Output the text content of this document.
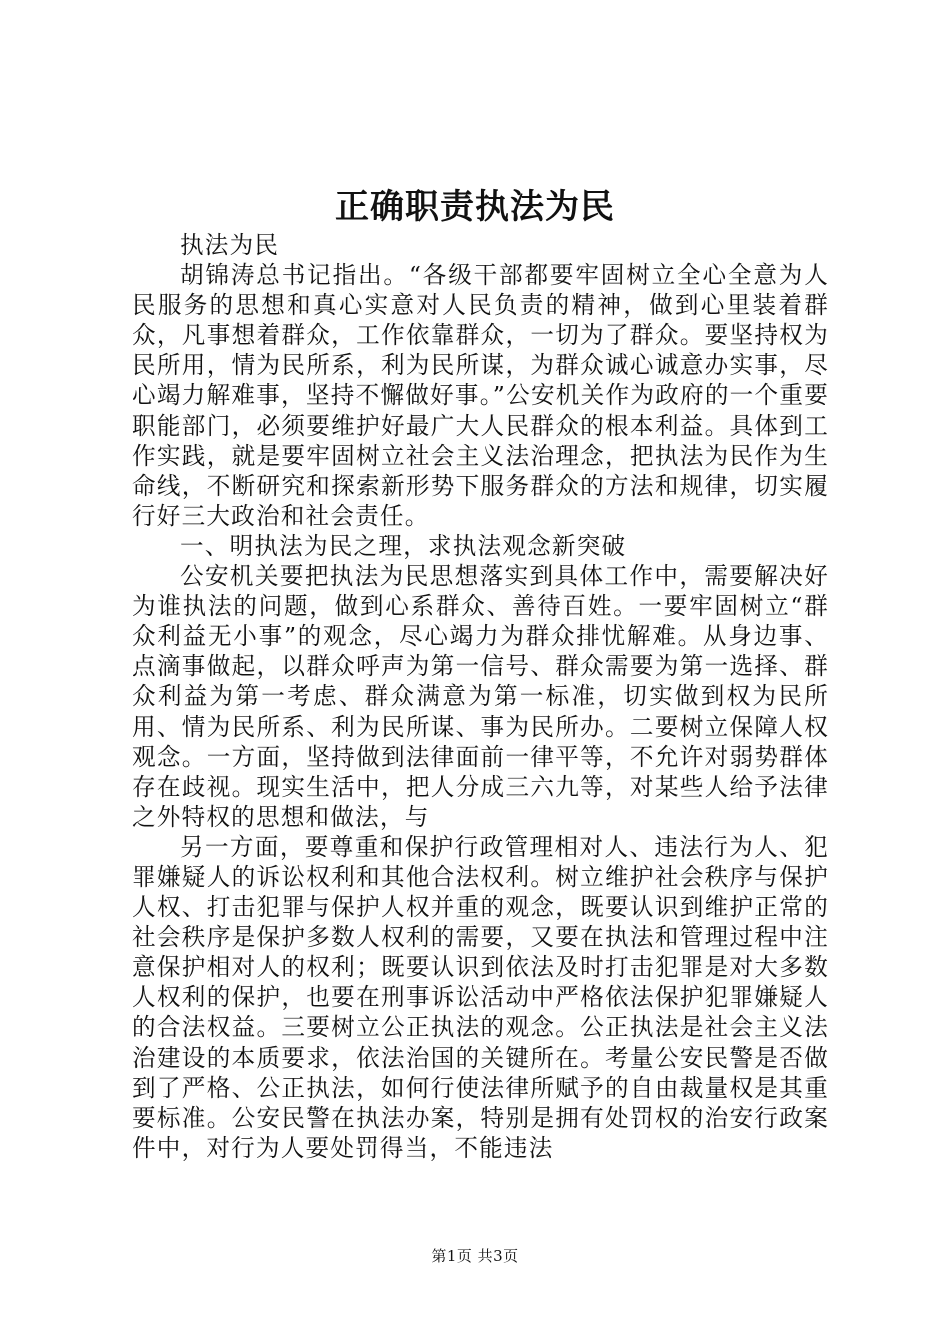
正确职责执法为民

执法为民

胡锦涛总书记指出。“各级干部都要牢固树立全心全意为人民服务的思想和真心实意对人民负责的精神，做到心里装着群众，凡事想着群众，工作依靠群众，一切为了群众。要坚持权为民所用，情为民所系，利为民所谋，为群众诚心诚意办实事，尽心竭力解难事，坚持不懈做好事。”公安机关作为政府的一个重要职能部门，必须要维护好最广大人民群众的根本利益。具体到工作实践，就是要牢固树立社会主义法治理念，把执法为民作为生命线，不断研究和探索新形势下服务群众的方法和规律，切实履行好三大政治和社会责任。

一、明执法为民之理，求执法观念新突破

公安机关要把执法为民思想落实到具体工作中，需要解决好为谁执法的问题，做到心系群众、善待百姓。一要牢固树立“群众利益无小事”的观念，尽心竭力为群众排忧解难。从身边事、点滴事做起，以群众呼声为第一信号、群众需要为第一选择、群众利益为第一考虑、群众满意为第一标准，切实做到权为民所用、情为民所系、利为民所谋、事为民所办。二要树立保障人权观念。一方面，坚持做到法律面前一律平等，不允许对弱势群体存在歧视。现实生活中，把人分成三六九等，对某些人给予法律之外特权的思想和做法，与

另一方面，要尊重和保护行政管理相对人、违法行为人、犯罪嫌疑人的诉讼权利和其他合法权利。树立维护社会秩序与保护人权、打击犯罪与保护人权并重的观念，既要认识到维护正常的社会秩序是保护多数人权利的需要，又要在执法和管理过程中注意保护相对人的权利；既要认识到依法及时打击犯罪是对大多数人权利的保护，也要在刑事诉讼活动中严格依法保护犯罪嫌疑人的合法权益。三要树立公正执法的观念。公正执法是社会主义法治建设的本质要求，依法治国的关键所在。考量公安民警是否做到了严格、公正执法，如何行使法律所赋予的自由裁量权是其重要标准。公安民警在执法办案，特别是拥有处罚权的治安行政案件中，对行为人要处罚得当，不能违法

第1页 共3页
